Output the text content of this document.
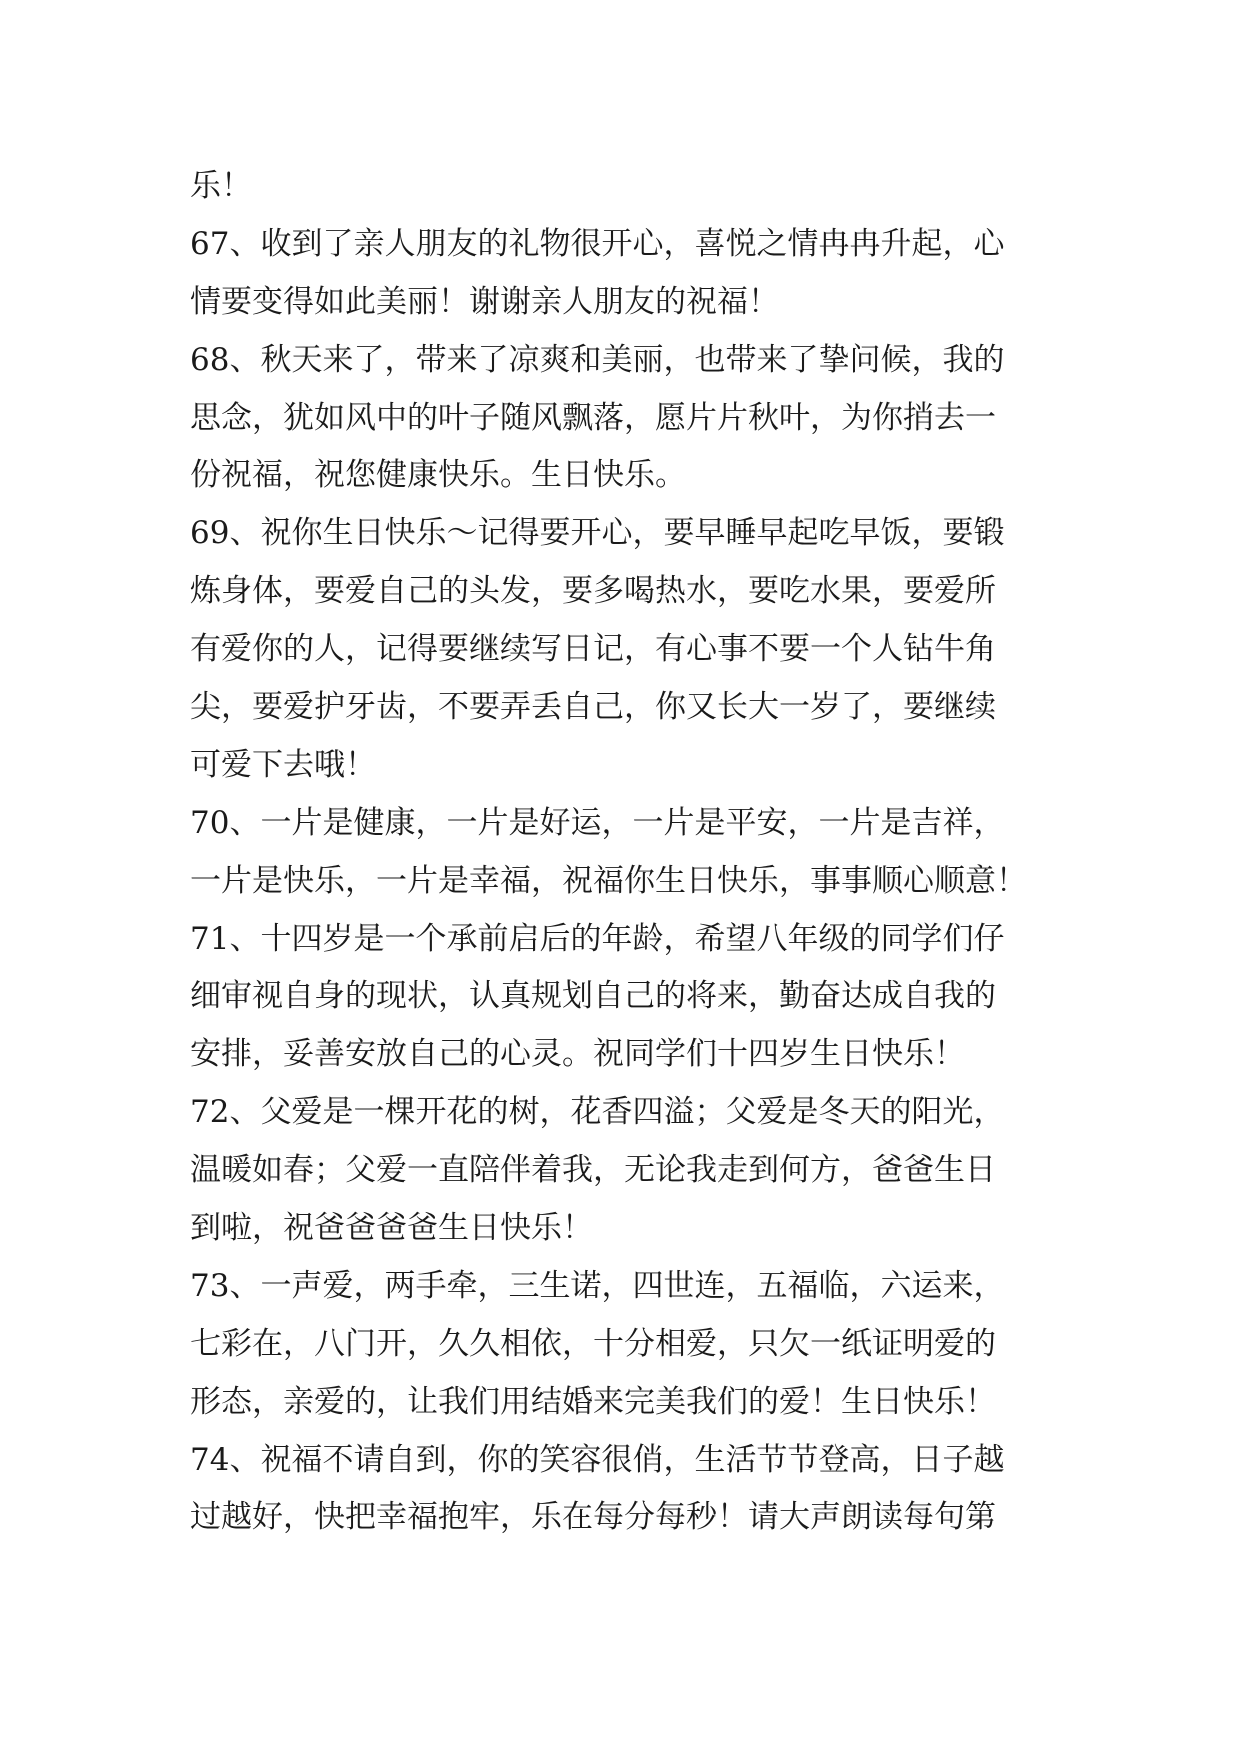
乐！

67、收到了亲人朋友的礼物很开心，喜悦之情冉冉升起，心

情要变得如此美丽！谢谢亲人朋友的祝福！

68、秋天来了，带来了凉爽和美丽，也带来了挚问候，我的

思念，犹如风中的叶子随风飘落，愿片片秋叶，为你捎去一

份祝福，祝您健康快乐。生日快乐。

69、祝你生日快乐～记得要开心，要早睡早起吃早饭，要锻

炼身体，要爱自己的头发，要多喝热水，要吃水果，要爱所

有爱你的人，记得要继续写日记，有心事不要一个人钻牛角

尖，要爱护牙齿，不要弄丢自己，你又长大一岁了，要继续

可爱下去哦！

70、一片是健康，一片是好运，一片是平安，一片是吉祥，

一片是快乐，一片是幸福，祝福你生日快乐，事事顺心顺意！

71、十四岁是一个承前启后的年龄，希望八年级的同学们仔

细审视自身的现状，认真规划自己的将来，勤奋达成自我的

安排，妥善安放自己的心灵。祝同学们十四岁生日快乐！

72、父爱是一棵开花的树，花香四溢；父爱是冬天的阳光，

温暖如春；父爱一直陪伴着我，无论我走到何方，爸爸生日

到啦，祝爸爸爸爸生日快乐！

73、一声爱，两手牵，三生诺，四世连，五福临，六运来，

七彩在，八门开，久久相依，十分相爱，只欠一纸证明爱的

形态，亲爱的，让我们用结婚来完美我们的爱！生日快乐！

74、祝福不请自到，你的笑容很俏，生活节节登高，日子越

过越好，快把幸福抱牢，乐在每分每秒！请大声朗读每句第
